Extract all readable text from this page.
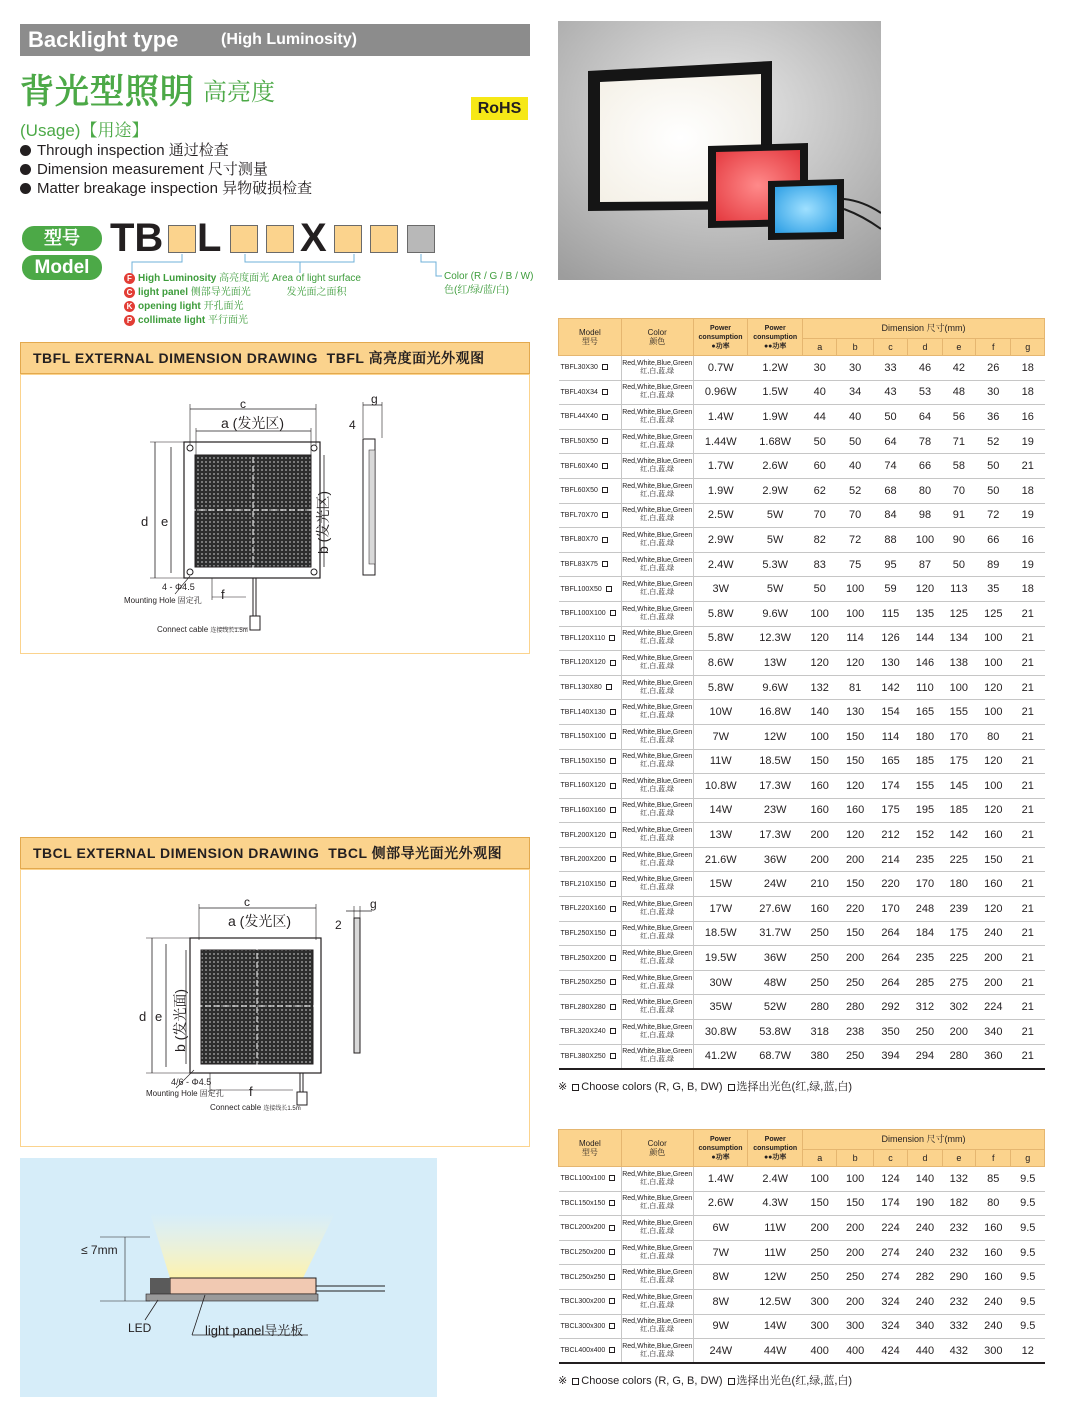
Backlight type	(High Luminosity)
背光型照明 高亮度
RoHS
(Usage)【用途】
Through inspection 通过检查
Dimension measurement 尺寸测量
Matter breakage inspection 异物破损检查
型号
Model
TB L X
F High Luminosity 高亮度面光
C light panel 侧部导光面光
K opening light 开孔面光
P collimate light 平行面光
Area of light surface
发光面之面积
Color (R / G / B / W)
色(红/绿/蓝/白)
TBFL EXTERNAL DIMENSION DRAWING TBFL 高亮度面光外观图
c
a (发光区)
g
4
d e	b (发光区)
f
4 - Φ4.5
Mounting Hole 固定孔
Connect cable 连接线长1.5m
TBCL EXTERNAL DIMENSION DRAWING TBCL 侧部导光面光外观图
c
a (发光区)
g
2
d e b (发光面)
f
4/6 - Φ4.5
Mounting Hole 固定孔
Connect cable 连接线长1.5m
≤ 7mm
LED	light panel导光板
Model
型号	Color
颜色	Power consumption
●功率	Power consumption
●●功率	Dimension 尺寸(mm)						
				a	b	c	d	e	f	g
TBFL30X30	Red,White,Blue,Green
红,白,蓝,绿	0.7W	1.2W	30	30	33	46	42	26	18
TBFL40X34	Red,White,Blue,Green
红,白,蓝,绿	0.96W	1.5W	40	34	43	53	48	30	18
TBFL44X40	Red,White,Blue,Green
红,白,蓝,绿	1.4W	1.9W	44	40	50	64	56	36	16
TBFL50X50	Red,White,Blue,Green
红,白,蓝,绿	1.44W	1.68W	50	50	64	78	71	52	19
TBFL60X40	Red,White,Blue,Green
红,白,蓝,绿	1.7W	2.6W	60	40	74	66	58	50	21
TBFL60X50	Red,White,Blue,Green
红,白,蓝,绿	1.9W	2.9W	62	52	68	80	70	50	18
TBFL70X70	Red,White,Blue,Green
红,白,蓝,绿	2.5W	5W	70	70	84	98	91	72	19
TBFL80X70	Red,White,Blue,Green
红,白,蓝,绿	2.9W	5W	82	72	88	100	90	66	16
TBFL83X75	Red,White,Blue,Green
红,白,蓝,绿	2.4W	5.3W	83	75	95	87	50	89	19
TBFL100X50	Red,White,Blue,Green
红,白,蓝,绿	3W	5W	50	100	59	120	113	35	18
TBFL100X100	Red,White,Blue,Green
红,白,蓝,绿	5.8W	9.6W	100	100	115	135	125	125	21
TBFL120X110	Red,White,Blue,Green
红,白,蓝,绿	5.8W	12.3W	120	114	126	144	134	100	21
TBFL120X120	Red,White,Blue,Green
红,白,蓝,绿	8.6W	13W	120	120	130	146	138	100	21
TBFL130X80	Red,White,Blue,Green
红,白,蓝,绿	5.8W	9.6W	132	81	142	110	100	120	21
TBFL140X130	Red,White,Blue,Green
红,白,蓝,绿	10W	16.8W	140	130	154	165	155	100	21
TBFL150X100	Red,White,Blue,Green
红,白,蓝,绿	7W	12W	100	150	114	180	170	80	21
TBFL150X150	Red,White,Blue,Green
红,白,蓝,绿	11W	18.5W	150	150	165	185	175	120	21
TBFL160X120	Red,White,Blue,Green
红,白,蓝,绿	10.8W	17.3W	160	120	174	155	145	100	21
TBFL160X160	Red,White,Blue,Green
红,白,蓝,绿	14W	23W	160	160	175	195	185	120	21
TBFL200X120	Red,White,Blue,Green
红,白,蓝,绿	13W	17.3W	200	120	212	152	142	160	21
TBFL200X200	Red,White,Blue,Green
红,白,蓝,绿	21.6W	36W	200	200	214	235	225	150	21
TBFL210X150	Red,White,Blue,Green
红,白,蓝,绿	15W	24W	210	150	220	170	180	160	21
TBFL220X160	Red,White,Blue,Green
红,白,蓝,绿	17W	27.6W	160	220	170	248	239	120	21
TBFL250X150	Red,White,Blue,Green
红,白,蓝,绿	18.5W	31.7W	250	150	264	184	175	240	21
TBFL250X200	Red,White,Blue,Green
红,白,蓝,绿	19.5W	36W	250	200	264	235	225	200	21
TBFL250X250	Red,White,Blue,Green
红,白,蓝,绿	30W	48W	250	250	264	285	275	200	21
TBFL280X280	Red,White,Blue,Green
红,白,蓝,绿	35W	52W	280	280	292	312	302	224	21
TBFL320X240	Red,White,Blue,Green
红,白,蓝,绿	30.8W	53.8W	318	238	350	250	200	340	21
TBFL380X250	Red,White,Blue,Green
红,白,蓝,绿	41.2W	68.7W	380	250	394	294	280	360	21
※ Choose colors (R, G, B, DW) 选择出光色(红,绿,蓝,白)
Model
型号	Color
颜色	Power consumption
●功率	Power consumption
●●功率	Dimension 尺寸(mm)						
				a	b	c	d	e	f	g
TBCL100x100	Red,White,Blue,Green
红,白,蓝,绿	1.4W	2.4W	100	100	124	140	132	85	9.5
TBCL150x150	Red,White,Blue,Green
红,白,蓝,绿	2.6W	4.3W	150	150	174	190	182	80	9.5
TBCL200x200	Red,White,Blue,Green
红,白,蓝,绿	6W	11W	200	200	224	240	232	160	9.5
TBCL250x200	Red,White,Blue,Green
红,白,蓝,绿	7W	11W	250	200	274	240	232	160	9.5
TBCL250x250	Red,White,Blue,Green
红,白,蓝,绿	8W	12W	250	250	274	282	290	160	9.5
TBCL300x200	Red,White,Blue,Green
红,白,蓝,绿	8W	12.5W	300	200	324	240	232	240	9.5
TBCL300x300	Red,White,Blue,Green
红,白,蓝,绿	9W	14W	300	300	324	340	332	240	9.5
TBCL400x400	Red,White,Blue,Green
红,白,蓝,绿	24W	44W	400	400	424	440	432	300	12
※ Choose colors (R, G, B, DW) 选择出光色(红,绿,蓝,白)
